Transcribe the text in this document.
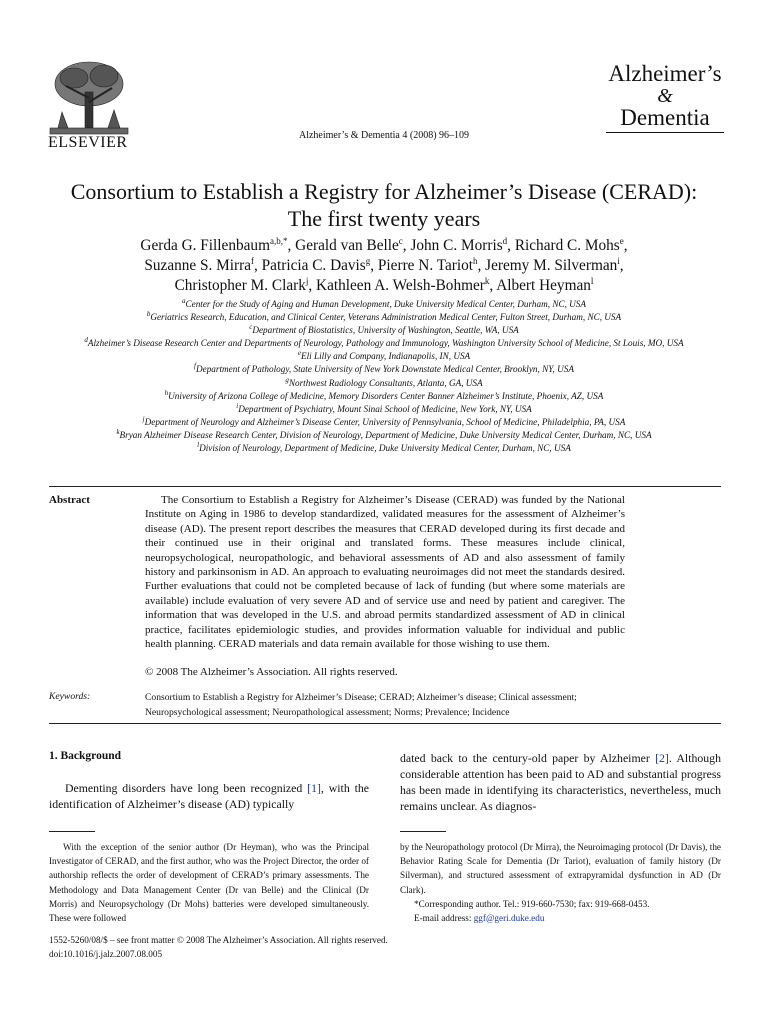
ELSEVIER	Alzheimer’s & Dementia 4 (2008) 96–109
Alzheimer’s
&
Dementia
Consortium to Establish a Registry for Alzheimer’s Disease (CERAD):
The first twenty years
Gerda G. Fillenbaum$^{a,b,*}$, Gerald van Belle$^c$, John C. Morris$^d$, Richard C. Mohs$^e$,
Suzanne S. Mirra$^f$, Patricia C. Davis$^g$, Pierre N. Tariot$^h$, Jeremy M. Silverman$^i$,
Christopher M. Clark$^j$, Kathleen A. Welsh-Bohmer$^k$, Albert Heyman$^l$
$^a$Center for the Study of Aging and Human Development, Duke University Medical Center, Durham, NC, USA
$^b$Geriatrics Research, Education, and Clinical Center, Veterans Administration Medical Center, Fulton Street, Durham, NC, USA
$^c$Department of Biostatistics, University of Washington, Seattle, WA, USA
$^d$Alzheimer’s Disease Research Center and Departments of Neurology, Pathology and Immunology, Washington University School of Medicine, St Louis, MO, USA
$^e$Eli Lilly and Company, Indianapolis, IN, USA
$^f$Department of Pathology, State University of New York Downstate Medical Center, Brooklyn, NY, USA
$^g$Northwest Radiology Consultants, Atlanta, GA, USA
$^h$University of Arizona College of Medicine, Memory Disorders Center Banner Alzheimer’s Institute, Phoenix, AZ, USA
$^i$Department of Psychiatry, Mount Sinai School of Medicine, New York, NY, USA
$^j$Department of Neurology and Alzheimer’s Disease Center, University of Pennsylvania, School of Medicine, Philadelphia, PA, USA
$^k$Bryan Alzheimer Disease Research Center, Division of Neurology, Department of Medicine, Duke University Medical Center, Durham, NC, USA
$^l$Division of Neurology, Department of Medicine, Duke University Medical Center, Durham, NC, USA
Abstract	The Consortium to Establish a Registry for Alzheimer’s Disease (CERAD) was funded by the National Institute on Aging in 1986 to develop standardized, validated measures for the assessment of Alzheimer’s disease (AD). The present report describes the measures that CERAD developed during its first decade and their continued use in their original and translated forms. These measures include clinical, neuropsychological, neuropathologic, and behavioral assessments of AD and also assessment of family history and parkinsonism in AD. An approach to evaluating neuroimages did not meet the standards desired. Further evaluations that could not be completed because of lack of funding (but where some materials are available) include evaluation of very severe AD and of service use and need by patient and caregiver. The information that was developed in the U.S. and abroad permits standardized assessment of AD in clinical practice, facilitates epidemiologic studies, and provides information valuable for individual and public health planning. CERAD materials and data remain available for those wishing to use them.
© 2008 The Alzheimer’s Association. All rights reserved.
Keywords:	Consortium to Establish a Registry for Alzheimer’s Disease; CERAD; Alzheimer’s disease; Clinical assessment; Neuropsychological assessment; Neuropathological assessment; Norms; Prevalence; Incidence
1. Background
Dementing disorders have long been recognized [1], with the identification of Alzheimer’s disease (AD) typically
dated back to the century-old paper by Alzheimer [2]. Although considerable attention has been paid to AD and substantial progress has been made in identifying its characteristics, nevertheless, much remains unclear. As diagnos-
With the exception of the senior author (Dr Heyman), who was the Principal Investigator of CERAD, and the first author, who was the Project Director, the order of authorship reflects the order of development of CERAD’s primary assessments. The Methodology and Data Management Center (Dr van Belle) and the Clinical (Dr Morris) and Neuropsychology (Dr Mohs) batteries were developed simultaneously. These were followed
by the Neuropathology protocol (Dr Mirra), the Neuroimaging protocol (Dr Davis), the Behavior Rating Scale for Dementia (Dr Tariot), evaluation of family history (Dr Silverman), and structured assessment of extrapyramidal dysfunction in AD (Dr Clark).
*Corresponding author. Tel.: 919-660-7530; fax: 919-668-0453.
E-mail address: ggf@geri.duke.edu
1552-5260/08/$ – see front matter © 2008 The Alzheimer’s Association. All rights reserved.
doi:10.1016/j.jalz.2007.08.005
